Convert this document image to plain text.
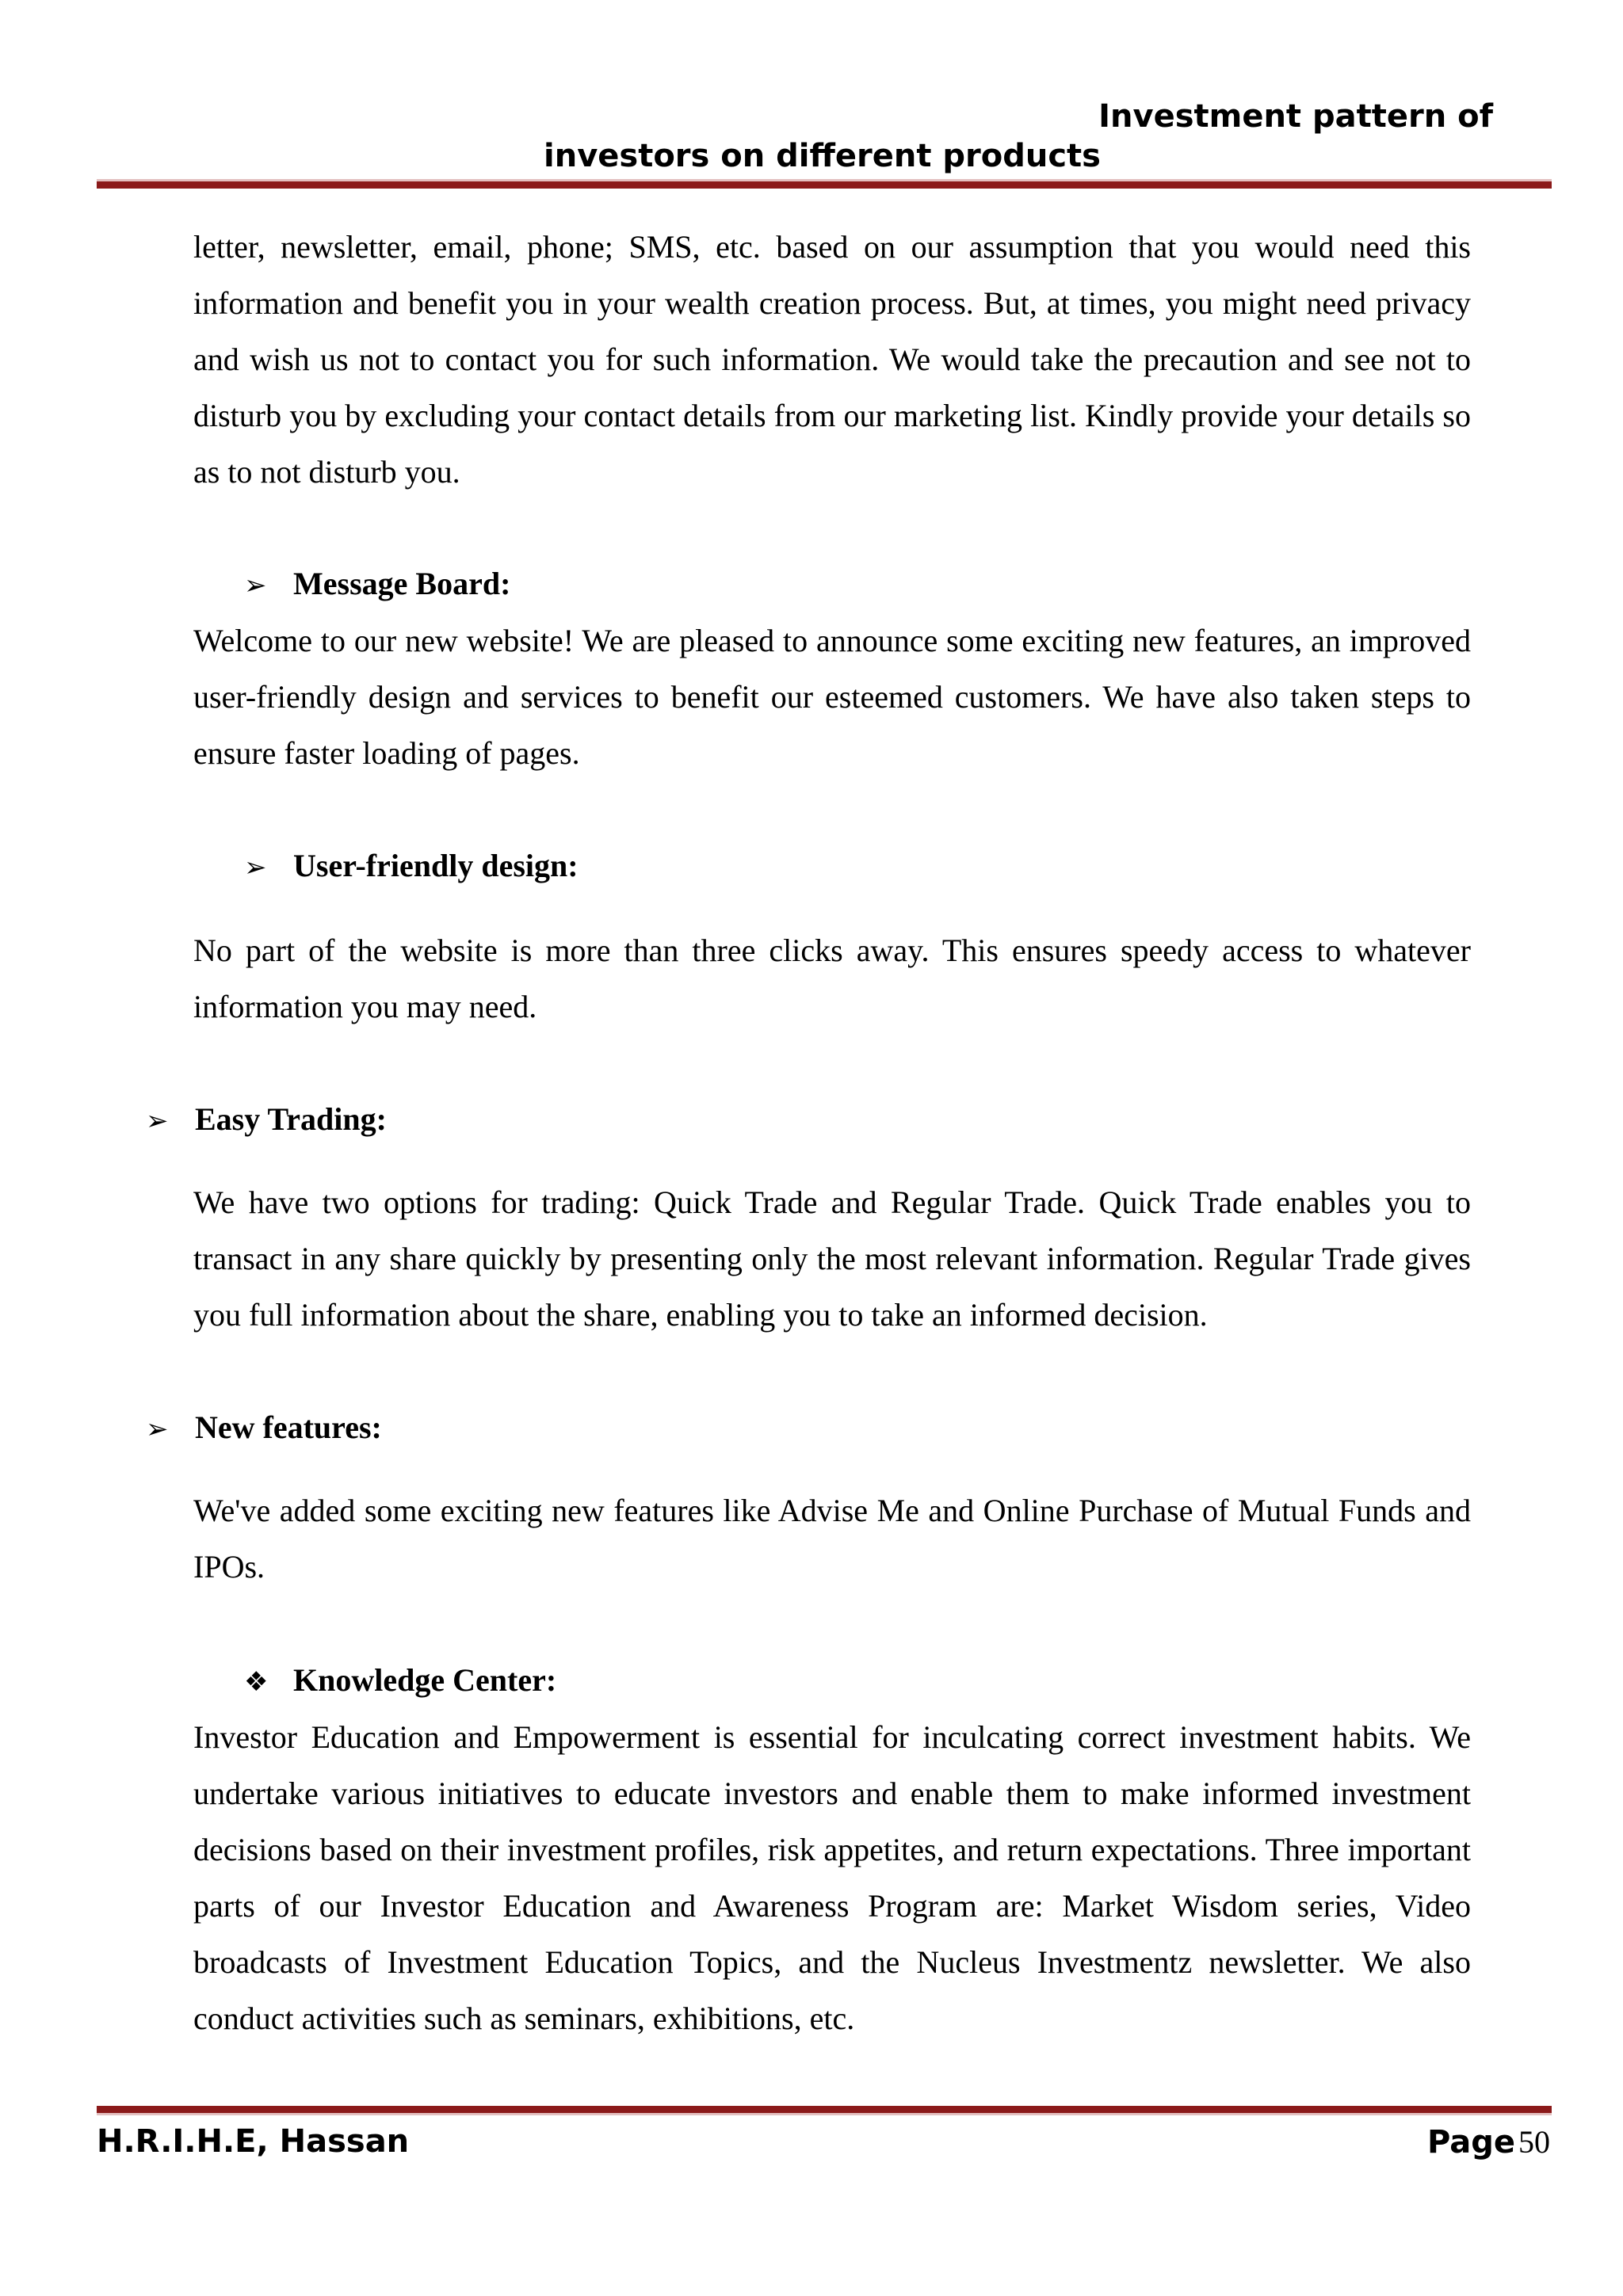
Investment pattern of
investors on different products
letter, newsletter, email, phone; SMS, etc. based on our assumption that you would need this information and benefit you in your wealth creation process. But, at times, you might need privacy and wish us not to contact you for such information. We would take the precaution and see not to disturb you by excluding your contact details from our marketing list. Kindly provide your details so as to not disturb you.
➢ Message Board:
Welcome to our new website! We are pleased to announce some exciting new features, an improved user-friendly design and services to benefit our esteemed customers. We have also taken steps to ensure faster loading of pages.
➢ User-friendly design:
No part of the website is more than three clicks away. This ensures speedy access to whatever information you may need.
➢ Easy Trading:
We have two options for trading: Quick Trade and Regular Trade. Quick Trade enables you to transact in any share quickly by presenting only the most relevant information. Regular Trade gives you full information about the share, enabling you to take an informed decision.
➢ New features:
We've added some exciting new features like Advise Me and Online Purchase of Mutual Funds and IPOs.
❖ Knowledge Center:
Investor Education and Empowerment is essential for inculcating correct investment habits. We undertake various initiatives to educate investors and enable them to make informed investment decisions based on their investment profiles, risk appetites, and return expectations. Three important parts of our Investor Education and Awareness Program are: Market Wisdom series, Video broadcasts of Investment Education Topics, and the Nucleus Investmentz newsletter. We also conduct activities such as seminars, exhibitions, etc.
H.R.I.H.E, Hassan	Page 50
